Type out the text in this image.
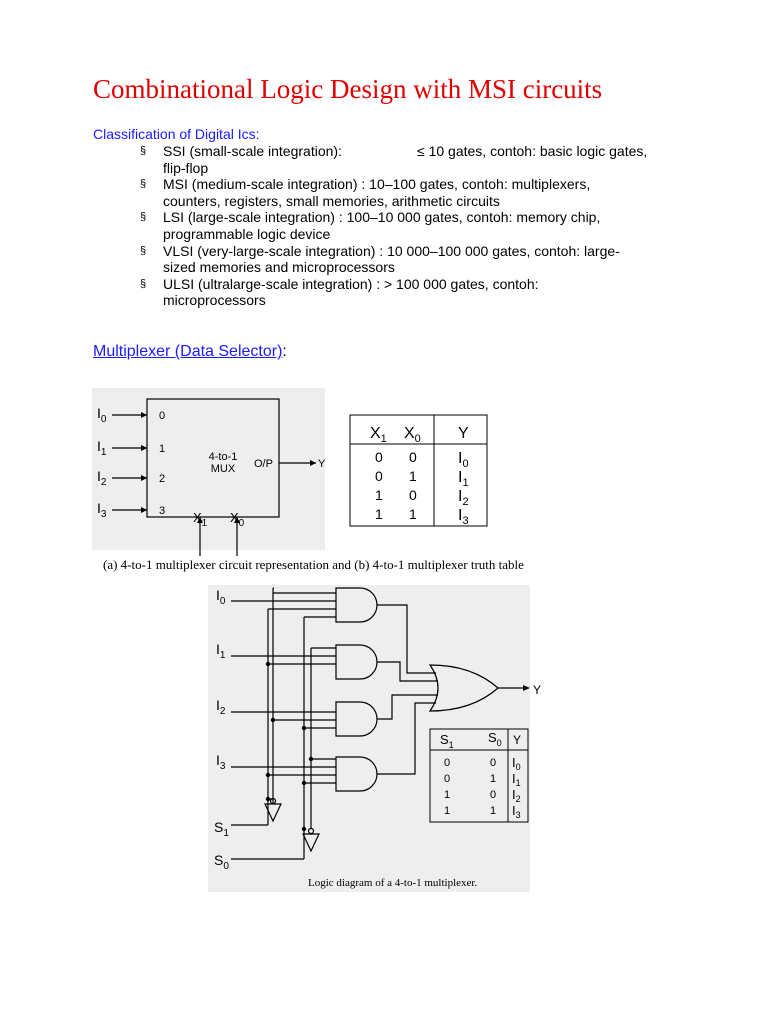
Combinational Logic Design with MSI circuits
Classification of Digital Ics:
§ SSI (small-scale integration):	≤ 10 gates, contoh: basic logic gates,

flip-flop
§ MSI (medium-scale integration) : 10–100 gates, contoh: multiplexers,
counters, registers, small memories, arithmetic circuits
§ LSI (large-scale integration) : 100–10 000 gates, contoh: memory chip,
programmable logic device
§ VLSI (very-large-scale integration) : 10 000–100 000 gates, contoh: large-
sized memories and microprocessors
§ ULSI (ultralarge-scale integration) : > 100 000 gates, contoh:
microprocessors
Multiplexer (Data Selector):
$I_0$
$I_1$
$I_2$
$I_3$
0
1
2
3
4-to-1
MUX O/P	Y
$X_1$ $X_0$
$X_1$ $X_0$ Y
0 0	$I_0$
0 1	$I_1$
1 0	$I_2$
1 1	$I_3$
(a) 4-to-1 multiplexer circuit representation and (b) 4-to-1 multiplexer truth table
$I_0$
$I_1$
$I_2$
$I_3$
$S_1$
$S_0$
Y
$S_1$	$S_0$ Y
0	0 $I_0$
0	1 $I_1$
1	0 $I_2$
1	1 $I_3$
Logic diagram of a 4-to-1 multiplexer.
